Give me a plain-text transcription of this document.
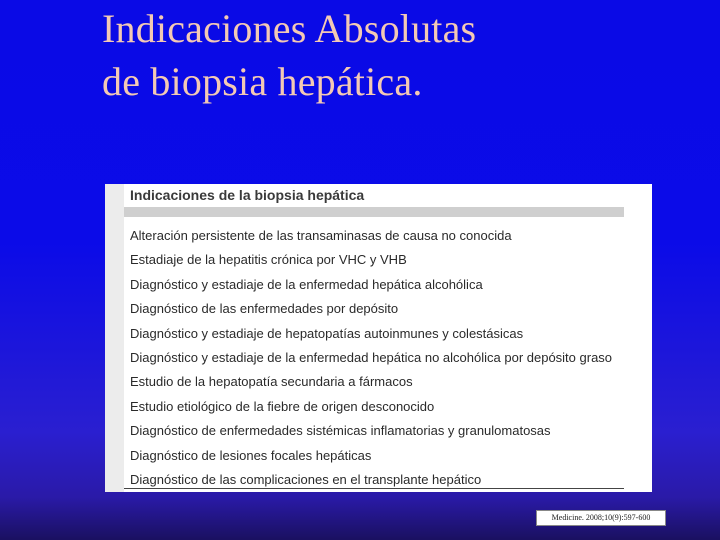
Indicaciones Absolutas
de biopsia hepática.
Indicaciones de la biopsia hepática
Alteración persistente de las transaminasas de causa no conocida
Estadiaje de la hepatitis crónica por VHC y VHB
Diagnóstico y estadiaje de la enfermedad hepática alcohólica
Diagnóstico de las enfermedades por depósito
Diagnóstico y estadiaje de hepatopatías autoinmunes y colestásicas
Diagnóstico y estadiaje de la enfermedad hepática no alcohólica por depósito graso
Estudio de la hepatopatía secundaria a fármacos
Estudio etiológico de la fiebre de origen desconocido
Diagnóstico de enfermedades sistémicas inflamatorias y granulomatosas
Diagnóstico de lesiones focales hepáticas
Diagnóstico de las complicaciones en el transplante hepático
Medicine. 2008;10(9):597-600
